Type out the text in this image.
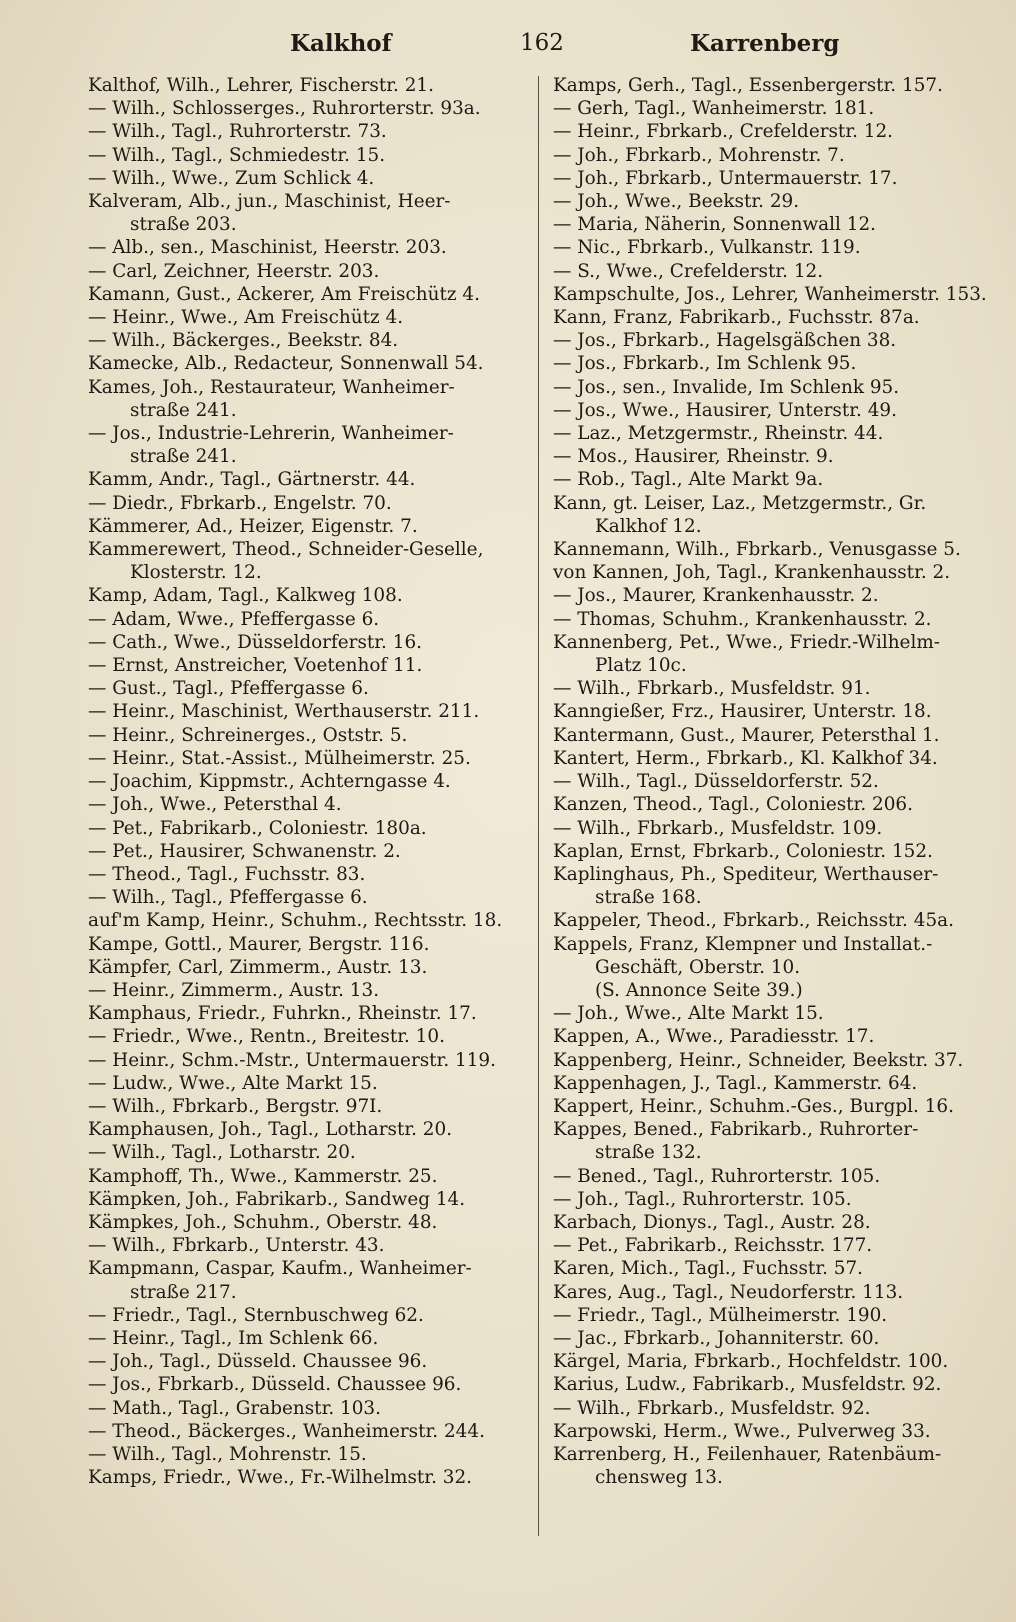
Kalkhof	162	Karrenberg
Kalthof, Wilh., Lehrer, Fischerstr. 21.
— Wilh., Schlosserges., Ruhrorterstr. 93a.
— Wilh., Tagl., Ruhrorterstr. 73.
— Wilh., Tagl., Schmiedestr. 15.
— Wilh., Wwe., Zum Schlick 4.
Kalveram, Alb., jun., Maschinist, Heer-
straße 203.
— Alb., sen., Maschinist, Heerstr. 203.
— Carl, Zeichner, Heerstr. 203.
Kamann, Gust., Ackerer, Am Freischütz 4.
— Heinr., Wwe., Am Freischütz 4.
— Wilh., Bäckerges., Beekstr. 84.
Kamecke, Alb., Redacteur, Sonnenwall 54.
Kames, Joh., Restaurateur, Wanheimer-
straße 241.
— Jos., Industrie-Lehrerin, Wanheimer-
straße 241.
Kamm, Andr., Tagl., Gärtnerstr. 44.
— Diedr., Fbrkarb., Engelstr. 70.
Kämmerer, Ad., Heizer, Eigenstr. 7.
Kammerewert, Theod., Schneider-Geselle,
Klosterstr. 12.
Kamp, Adam, Tagl., Kalkweg 108.
— Adam, Wwe., Pfeffergasse 6.
— Cath., Wwe., Düsseldorferstr. 16.
— Ernst, Anstreicher, Voetenhof 11.
— Gust., Tagl., Pfeffergasse 6.
— Heinr., Maschinist, Werthauserstr. 211.
— Heinr., Schreinerges., Oststr. 5.
— Heinr., Stat.-Assist., Mülheimerstr. 25.
— Joachim, Kippmstr., Achterngasse 4.
— Joh., Wwe., Petersthal 4.
— Pet., Fabrikarb., Coloniestr. 180a.
— Pet., Hausirer, Schwanenstr. 2.
— Theod., Tagl., Fuchsstr. 83.
— Wilh., Tagl., Pfeffergasse 6.
auf'm Kamp, Heinr., Schuhm., Rechtsstr. 18.
Kampe, Gottl., Maurer, Bergstr. 116.
Kämpfer, Carl, Zimmerm., Austr. 13.
— Heinr., Zimmerm., Austr. 13.
Kamphaus, Friedr., Fuhrkn., Rheinstr. 17.
— Friedr., Wwe., Rentn., Breitestr. 10.
— Heinr., Schm.-Mstr., Untermauerstr. 119.
— Ludw., Wwe., Alte Markt 15.
— Wilh., Fbrkarb., Bergstr. 97I.
Kamphausen, Joh., Tagl., Lotharstr. 20.
— Wilh., Tagl., Lotharstr. 20.
Kamphoff, Th., Wwe., Kammerstr. 25.
Kämpken, Joh., Fabrikarb., Sandweg 14.
Kämpkes, Joh., Schuhm., Oberstr. 48.
— Wilh., Fbrkarb., Unterstr. 43.
Kampmann, Caspar, Kaufm., Wanheimer-
straße 217.
— Friedr., Tagl., Sternbuschweg 62.
— Heinr., Tagl., Im Schlenk 66.
— Joh., Tagl., Düsseld. Chaussee 96.
— Jos., Fbrkarb., Düsseld. Chaussee 96.
— Math., Tagl., Grabenstr. 103.
— Theod., Bäckerges., Wanheimerstr. 244.
— Wilh., Tagl., Mohrenstr. 15.
Kamps, Friedr., Wwe., Fr.-Wilhelmstr. 32.
Kamps, Gerh., Tagl., Essenbergerstr. 157.
— Gerh, Tagl., Wanheimerstr. 181.
— Heinr., Fbrkarb., Crefelderstr. 12.
— Joh., Fbrkarb., Mohrenstr. 7.
— Joh., Fbrkarb., Untermauerstr. 17.
— Joh., Wwe., Beekstr. 29.
— Maria, Näherin, Sonnenwall 12.
— Nic., Fbrkarb., Vulkanstr. 119.
— S., Wwe., Crefelderstr. 12.
Kampschulte, Jos., Lehrer, Wanheimerstr. 153.
Kann, Franz, Fabrikarb., Fuchsstr. 87a.
— Jos., Fbrkarb., Hagelsgäßchen 38.
— Jos., Fbrkarb., Im Schlenk 95.
— Jos., sen., Invalide, Im Schlenk 95.
— Jos., Wwe., Hausirer, Unterstr. 49.
— Laz., Metzgermstr., Rheinstr. 44.
— Mos., Hausirer, Rheinstr. 9.
— Rob., Tagl., Alte Markt 9a.
Kann, gt. Leiser, Laz., Metzgermstr., Gr.
Kalkhof 12.
Kannemann, Wilh., Fbrkarb., Venusgasse 5.
von Kannen, Joh, Tagl., Krankenhausstr. 2.
— Jos., Maurer, Krankenhausstr. 2.
— Thomas, Schuhm., Krankenhausstr. 2.
Kannenberg, Pet., Wwe., Friedr.-Wilhelm-
Platz 10c.
— Wilh., Fbrkarb., Musfeldstr. 91.
Kanngießer, Frz., Hausirer, Unterstr. 18.
Kantermann, Gust., Maurer, Petersthal 1.
Kantert, Herm., Fbrkarb., Kl. Kalkhof 34.
— Wilh., Tagl., Düsseldorferstr. 52.
Kanzen, Theod., Tagl., Coloniestr. 206.
— Wilh., Fbrkarb., Musfeldstr. 109.
Kaplan, Ernst, Fbrkarb., Coloniestr. 152.
Kaplinghaus, Ph., Spediteur, Werthauser-
straße 168.
Kappeler, Theod., Fbrkarb., Reichsstr. 45a.
Kappels, Franz, Klempner und Installat.-
Geschäft, Oberstr. 10.
(S. Annonce Seite 39.)
— Joh., Wwe., Alte Markt 15.
Kappen, A., Wwe., Paradiesstr. 17.
Kappenberg, Heinr., Schneider, Beekstr. 37.
Kappenhagen, J., Tagl., Kammerstr. 64.
Kappert, Heinr., Schuhm.-Ges., Burgpl. 16.
Kappes, Bened., Fabrikarb., Ruhrorter-
straße 132.
— Bened., Tagl., Ruhrorterstr. 105.
— Joh., Tagl., Ruhrorterstr. 105.
Karbach, Dionys., Tagl., Austr. 28.
— Pet., Fabrikarb., Reichsstr. 177.
Karen, Mich., Tagl., Fuchsstr. 57.
Kares, Aug., Tagl., Neudorferstr. 113.
— Friedr., Tagl., Mülheimerstr. 190.
— Jac., Fbrkarb., Johanniterstr. 60.
Kärgel, Maria, Fbrkarb., Hochfeldstr. 100.
Karius, Ludw., Fabrikarb., Musfeldstr. 92.
— Wilh., Fbrkarb., Musfeldstr. 92.
Karpowski, Herm., Wwe., Pulverweg 33.
Karrenberg, H., Feilenhauer, Ratenbäum-
chensweg 13.
